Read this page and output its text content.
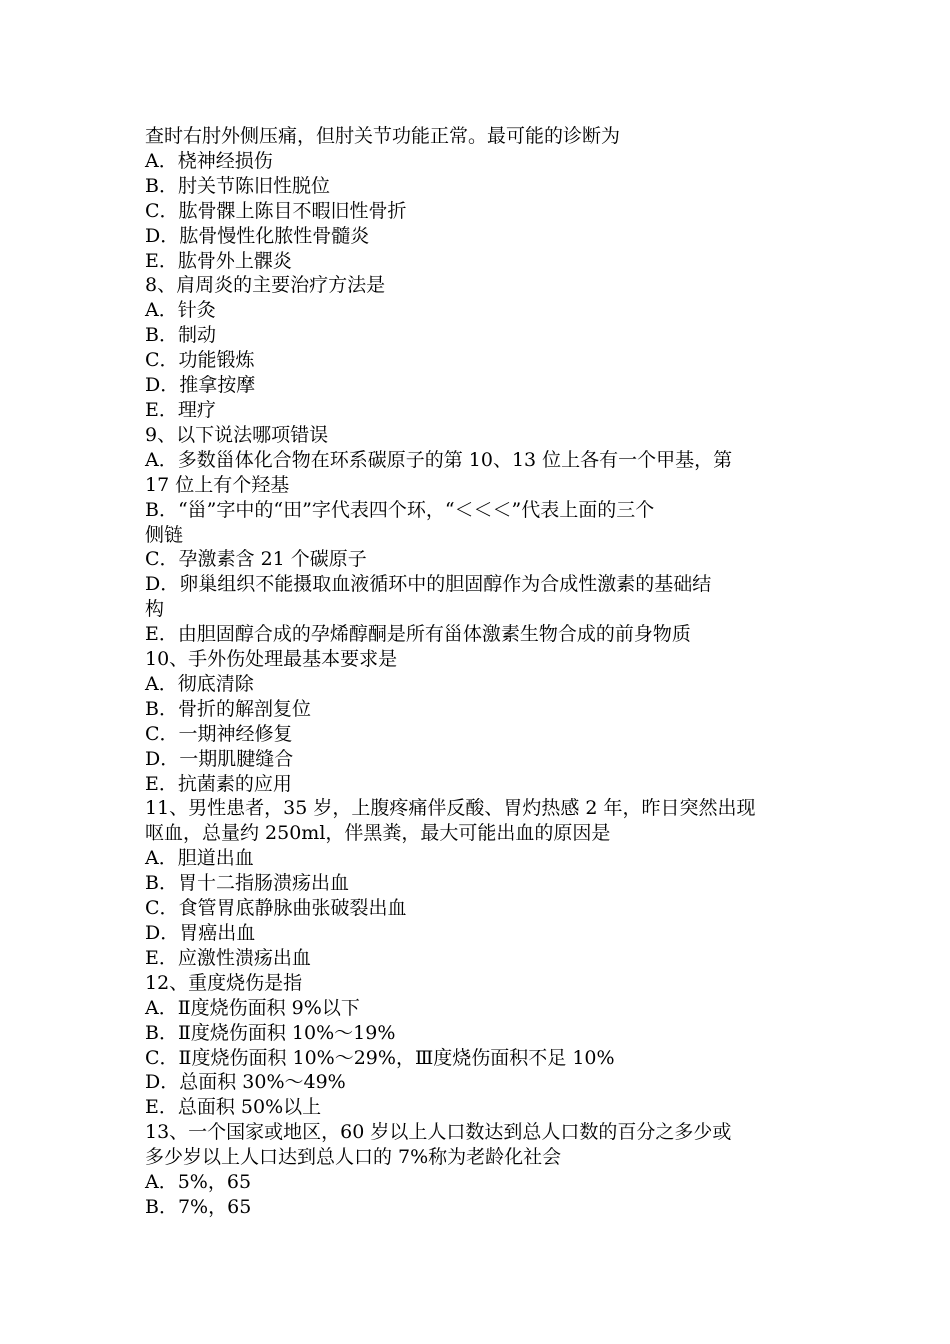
查时右肘外侧压痛，但肘关节功能正常。最可能的诊断为

A．桡神经损伤

B．肘关节陈旧性脱位

C．肱骨髁上陈目不暇旧性骨折

D．肱骨慢性化脓性骨髓炎

E．肱骨外上髁炎

8、肩周炎的主要治疗方法是

A．针灸

B．制动

C．功能锻炼

D．推拿按摩

E．理疗

9、以下说法哪项错误

A．多数甾体化合物在环系碳原子的第 10、13 位上各有一个甲基，第

17 位上有个羟基

B．“甾”字中的“田”字代表四个环，“＜＜＜”代表上面的三个

侧链

C．孕激素含 21 个碳原子

D．卵巢组织不能摄取血液循环中的胆固醇作为合成性激素的基础结

构

E．由胆固醇合成的孕烯醇酮是所有甾体激素生物合成的前身物质

10、手外伤处理最基本要求是

A．彻底清除

B．骨折的解剖复位

C．一期神经修复

D．一期肌腱缝合

E．抗菌素的应用

11、男性患者，35 岁，上腹疼痛伴反酸、胃灼热感 2 年，昨日突然出现

呕血，总量约 250ml，伴黑粪，最大可能出血的原因是

A．胆道出血

B．胃十二指肠溃疡出血

C．食管胃底静脉曲张破裂出血

D．胃癌出血

E．应激性溃疡出血

12、重度烧伤是指

A．Ⅱ度烧伤面积 9%以下

B．Ⅱ度烧伤面积 10%～19%

C．Ⅱ度烧伤面积 10%～29%，Ⅲ度烧伤面积不足 10%

D．总面积 30%～49%

E．总面积 50%以上

13、一个国家或地区，60 岁以上人口数达到总人口数的百分之多少或

多少岁以上人口达到总人口的 7%称为老龄化社会

A．5%，65

B．7%，65
